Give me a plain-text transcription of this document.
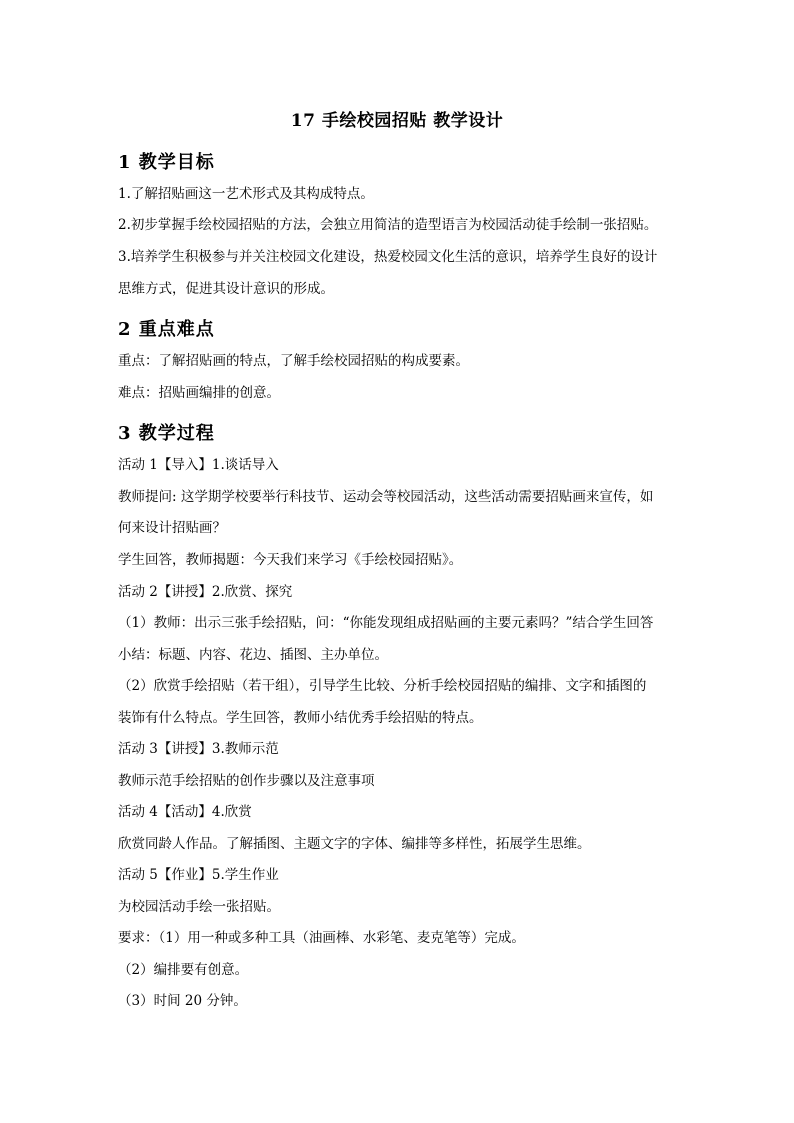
17 手绘校园招贴 教学设计
1 教学目标
1.了解招贴画这一艺术形式及其构成特点。
2.初步掌握手绘校园招贴的方法，会独立用简洁的造型语言为校园活动徒手绘制一张招贴。
3.培养学生积极参与并关注校园文化建设，热爱校园文化生活的意识，培养学生良好的设计
思维方式，促进其设计意识的形成。
2 重点难点
重点：了解招贴画的特点，了解手绘校园招贴的构成要素。
难点：招贴画编排的创意。
3 教学过程
活动 1【导入】1.谈话导入
教师提问: 这学期学校要举行科技节、运动会等校园活动，这些活动需要招贴画来宣传，如
何来设计招贴画？
学生回答，教师揭题：今天我们来学习《手绘校园招贴》。
活动 2【讲授】2.欣赏、探究
（1）教师：出示三张手绘招贴，问：“你能发现组成招贴画的主要元素吗？”结合学生回答
小结：标题、内容、花边、插图、主办单位。
（2）欣赏手绘招贴（若干组），引导学生比较、分析手绘校园招贴的编排、文字和插图的
装饰有什么特点。学生回答，教师小结优秀手绘招贴的特点。
活动 3【讲授】3.教师示范
教师示范手绘招贴的创作步骤以及注意事项
活动 4【活动】4.欣赏
欣赏同龄人作品。了解插图、主题文字的字体、编排等多样性，拓展学生思维。
活动 5【作业】5.学生作业
为校园活动手绘一张招贴。
要求：（1）用一种或多种工具（油画棒、水彩笔、麦克笔等）完成。
（2）编排要有创意。
（3）时间 20 分钟。
